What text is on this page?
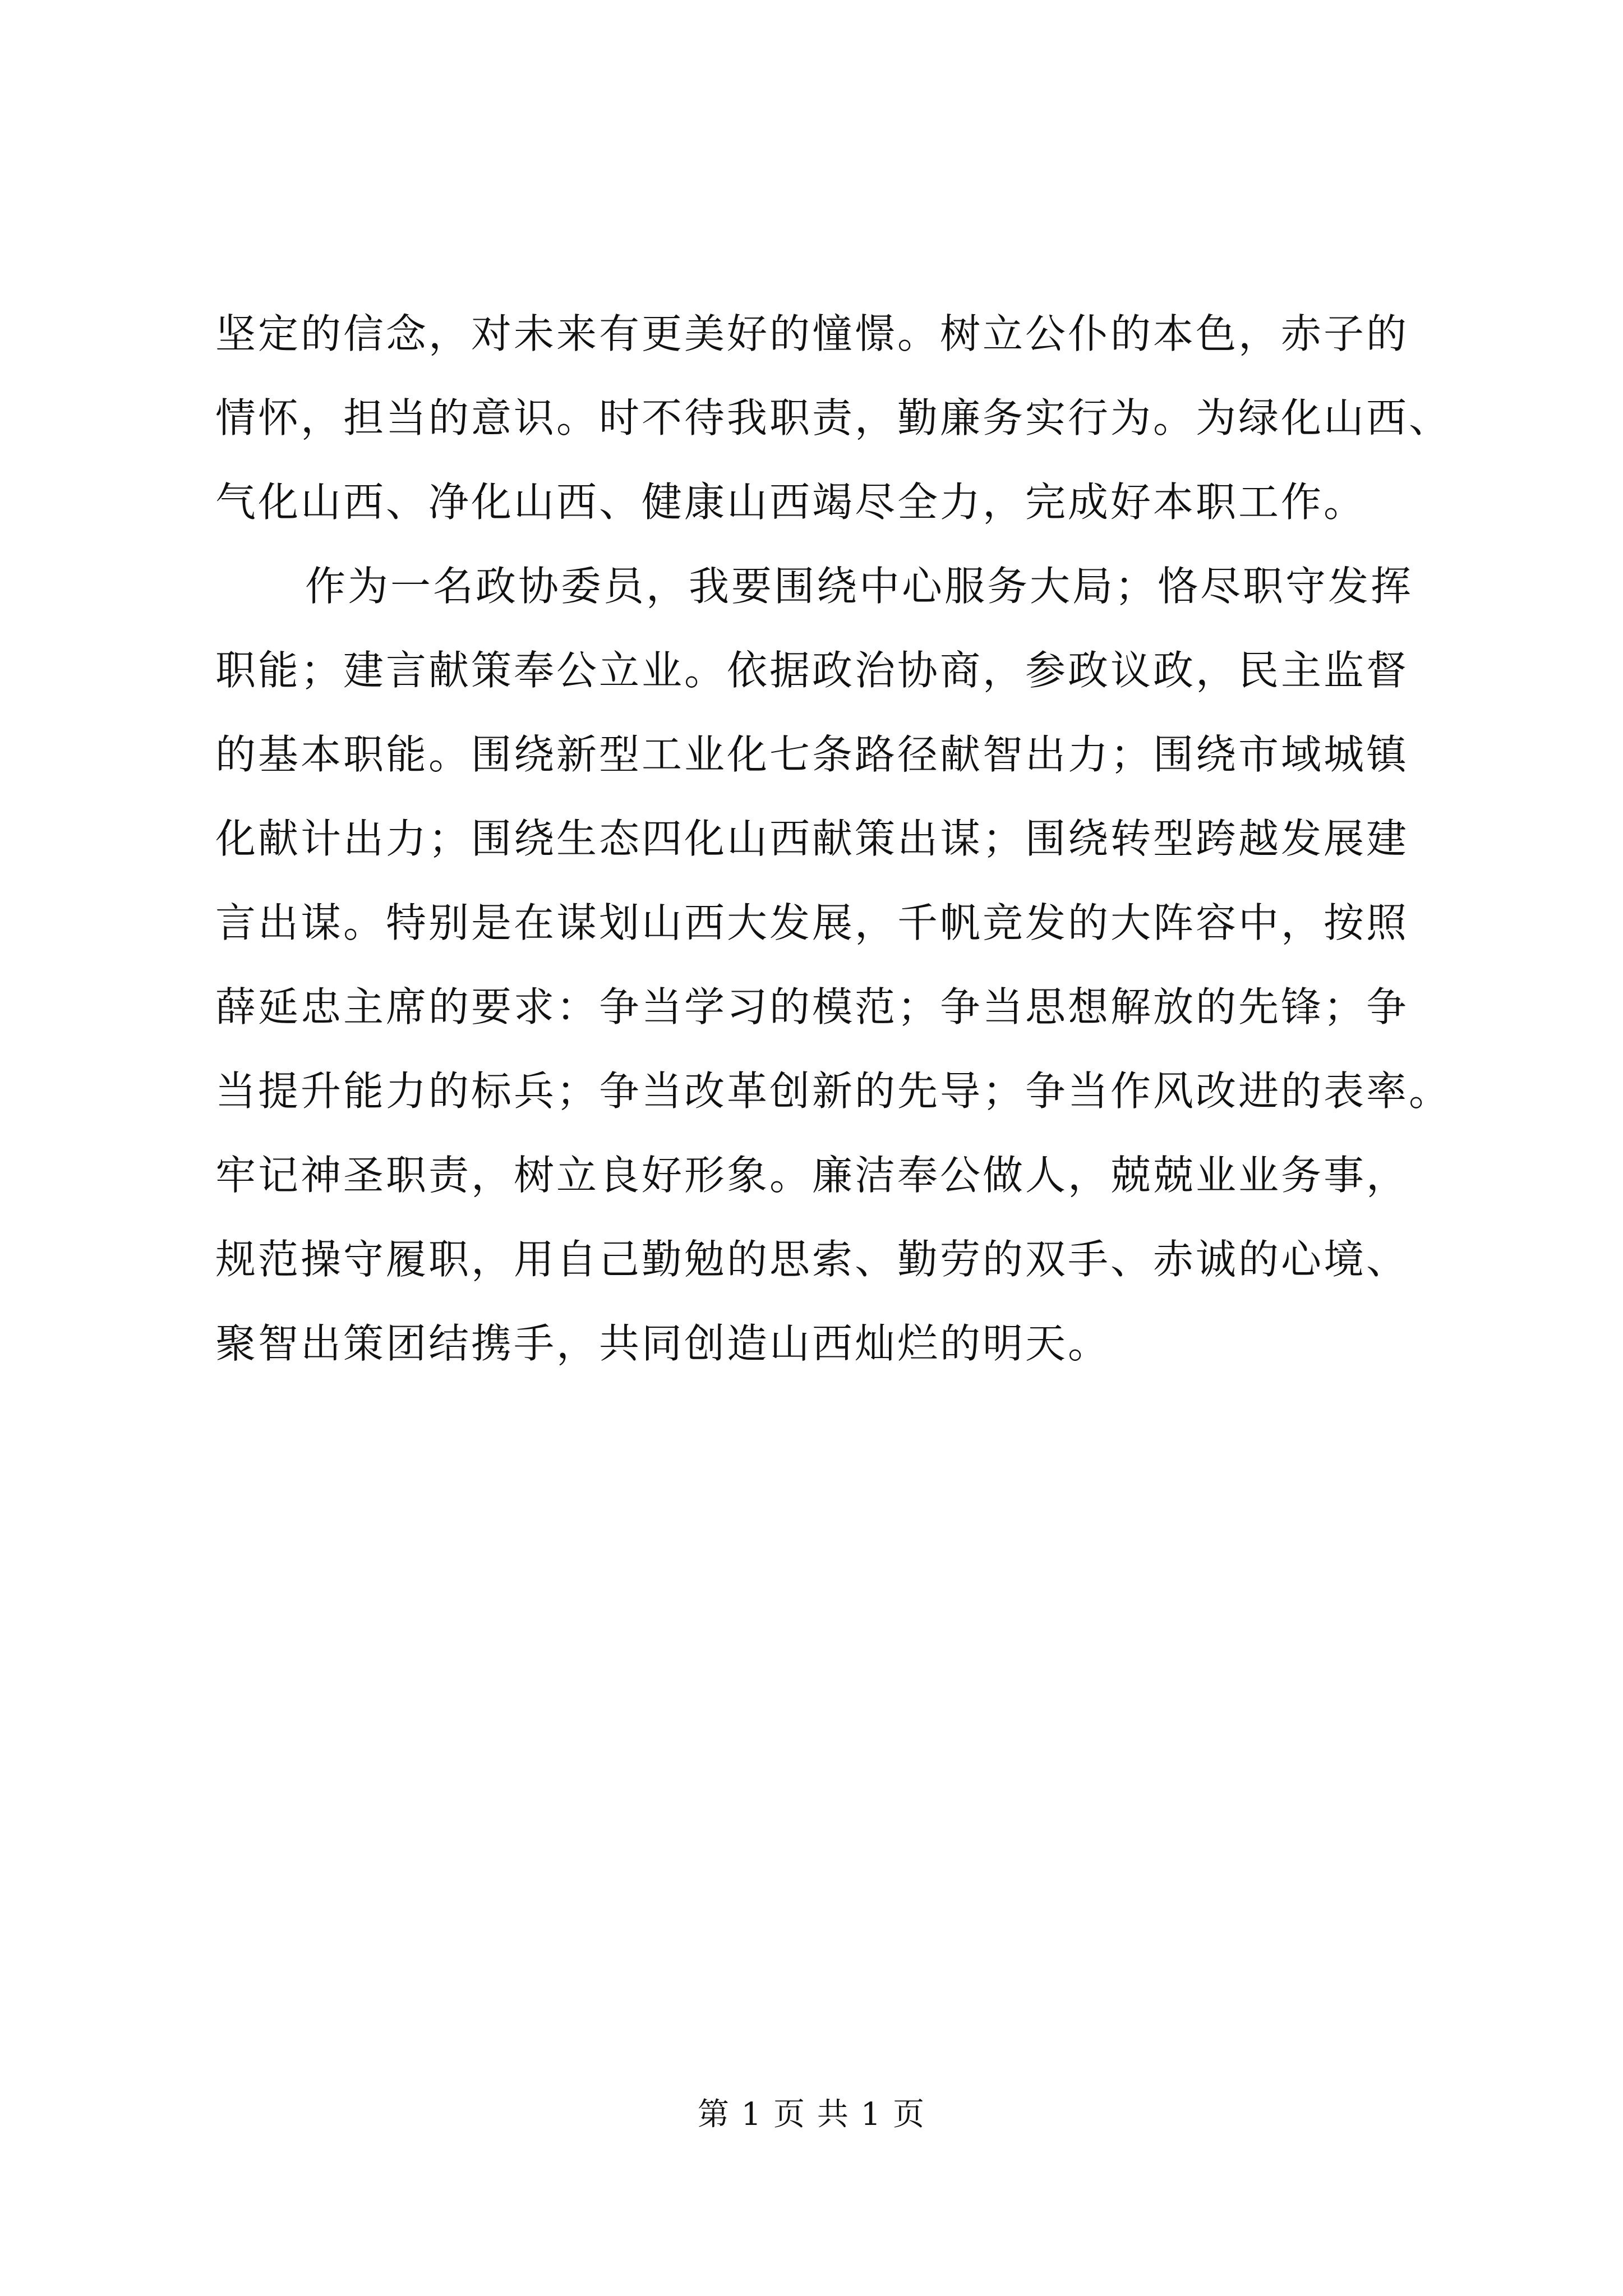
坚定的信念，对未来有更美好的憧憬。树立公仆的本色，赤子的
情怀，担当的意识。时不待我职责，勤廉务实行为。为绿化山西、
气化山西、净化山西、健康山西竭尽全力，完成好本职工作。
作为一名政协委员，我要围绕中心服务大局；恪尽职守发挥
职能；建言献策奉公立业。依据政治协商，参政议政，民主监督
的基本职能。围绕新型工业化七条路径献智出力；围绕市域城镇
化献计出力；围绕生态四化山西献策出谋；围绕转型跨越发展建
言出谋。特别是在谋划山西大发展，千帆竞发的大阵容中，按照
薛延忠主席的要求：争当学习的模范；争当思想解放的先锋；争
当提升能力的标兵；争当改革创新的先导；争当作风改进的表率。
牢记神圣职责，树立良好形象。廉洁奉公做人，兢兢业业务事，
规范操守履职，用自己勤勉的思索、勤劳的双手、赤诚的心境、
聚智出策团结携手，共同创造山西灿烂的明天。
第 1 页 共 1 页
